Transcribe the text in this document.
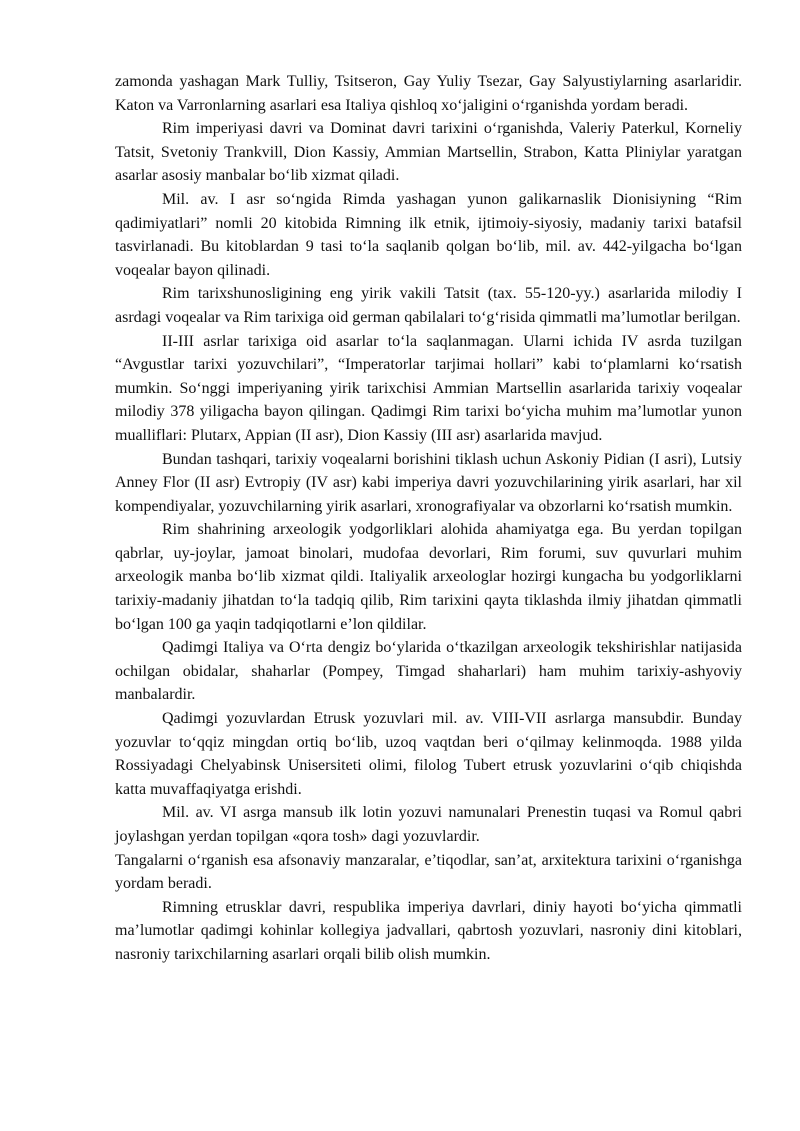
zamonda yashagan Mark Tulliy, Tsitseron, Gay Yuliy Tsezar, Gay Salyustiylarning asarlaridir. Katon va Varronlarning asarlari esa Italiya qishloq xo‘jaligini o‘rganishda yordam beradi.

Rim imperiyasi davri va Dominat davri tarixini o‘rganishda, Valeriy Paterkul, Korneliy Tatsit, Svetoniy Trankvill, Dion Kassiy, Ammian Martsellin, Strabon, Katta Pliniylar yaratgan asarlar asosiy manbalar bo‘lib xizmat qiladi.

Mil. av. I asr so‘ngida Rimda yashagan yunon galikarnaslik Dionisiyning “Rim qadimiyatlari” nomli 20 kitobida Rimning ilk etnik, ijtimoiy-siyosiy, madaniy tarixi batafsil tasvirlanadi. Bu kitoblardan 9 tasi to‘la saqlanib qolgan bo‘lib, mil. av. 442-yilgacha bo‘lgan voqealar bayon qilinadi.

Rim tarixshunosligining eng yirik vakili Tatsit (tax. 55-120-yy.) asarlarida milodiy I asrdagi voqealar va Rim tarixiga oid german qabilalari to‘g‘risida qimmatli ma’lumotlar berilgan.

II-III asrlar tarixiga oid asarlar to‘la saqlanmagan. Ularni ichida IV asrda tuzilgan “Avgustlar tarixi yozuvchilari”, “Imperatorlar tarjimai hollari” kabi to‘plamlarni ko‘rsatish mumkin. So‘nggi imperiyaning yirik tarixchisi Ammian Martsellin asarlarida tarixiy voqealar milodiy 378 yiligacha bayon qilingan. Qadimgi Rim tarixi bo‘yicha muhim ma’lumotlar yunon mualliflari: Plutarx, Appian (II asr), Dion Kassiy (III asr) asarlarida mavjud.

Bundan tashqari, tarixiy voqealarni borishini tiklash uchun Askoniy Pidian (I asri), Lutsiy Anney Flor (II asr) Evtropiy (IV asr) kabi imperiya davri yozuvchilarining yirik asarlari, har xil kompendiyalar, yozuvchilarning yirik asarlari, xronografiyalar va obzorlarni ko‘rsatish mumkin.

Rim shahrining arxeologik yodgorliklari alohida ahamiyatga ega. Bu yerdan topilgan qabrlar, uy-joylar, jamoat binolari, mudofaa devorlari, Rim forumi, suv quvurlari muhim arxeologik manba bo‘lib xizmat qildi. Italiyalik arxeologlar hozirgi kungacha bu yodgorliklarni tarixiy-madaniy jihatdan to‘la tadqiq qilib, Rim tarixini qayta tiklashda ilmiy jihatdan qimmatli bo‘lgan 100 ga yaqin tadqiqotlarni e’lon qildilar.

Qadimgi Italiya va O‘rta dengiz bo‘ylarida o‘tkazilgan arxeologik tekshirishlar natijasida ochilgan obidalar, shaharlar (Pompey, Timgad shaharlari) ham muhim tarixiy-ashyoviy manbalardir.

Qadimgi yozuvlardan Etrusk yozuvlari mil. av. VIII-VII asrlarga mansubdir. Bunday yozuvlar to‘qqiz mingdan ortiq bo‘lib, uzoq vaqtdan beri o‘qilmay kelinmoqda. 1988 yilda Rossiyadagi Chelyabinsk Unisersiteti olimi, filolog Tubert etrusk yozuvlarini o‘qib chiqishda katta muvaffaqiyatga erishdi.

Mil. av. VI asrga mansub ilk lotin yozuvi namunalari Prenestin tuqasi va Romul qabri joylashgan yerdan topilgan «qora tosh» dagi yozuvlardir.

Tangalarni o‘rganish esa afsonaviy manzaralar, e’tiqodlar, san’at, arxitektura tarixini o‘rganishga yordam beradi.

Rimning etrusklar davri, respublika imperiya davrlari, diniy hayoti bo‘yicha qimmatli ma’lumotlar qadimgi kohinlar kollegiya jadvallari, qabrtosh yozuvlari, nasroniy dini kitoblari, nasroniy tarixchilarning asarlari orqali bilib olish mumkin.
